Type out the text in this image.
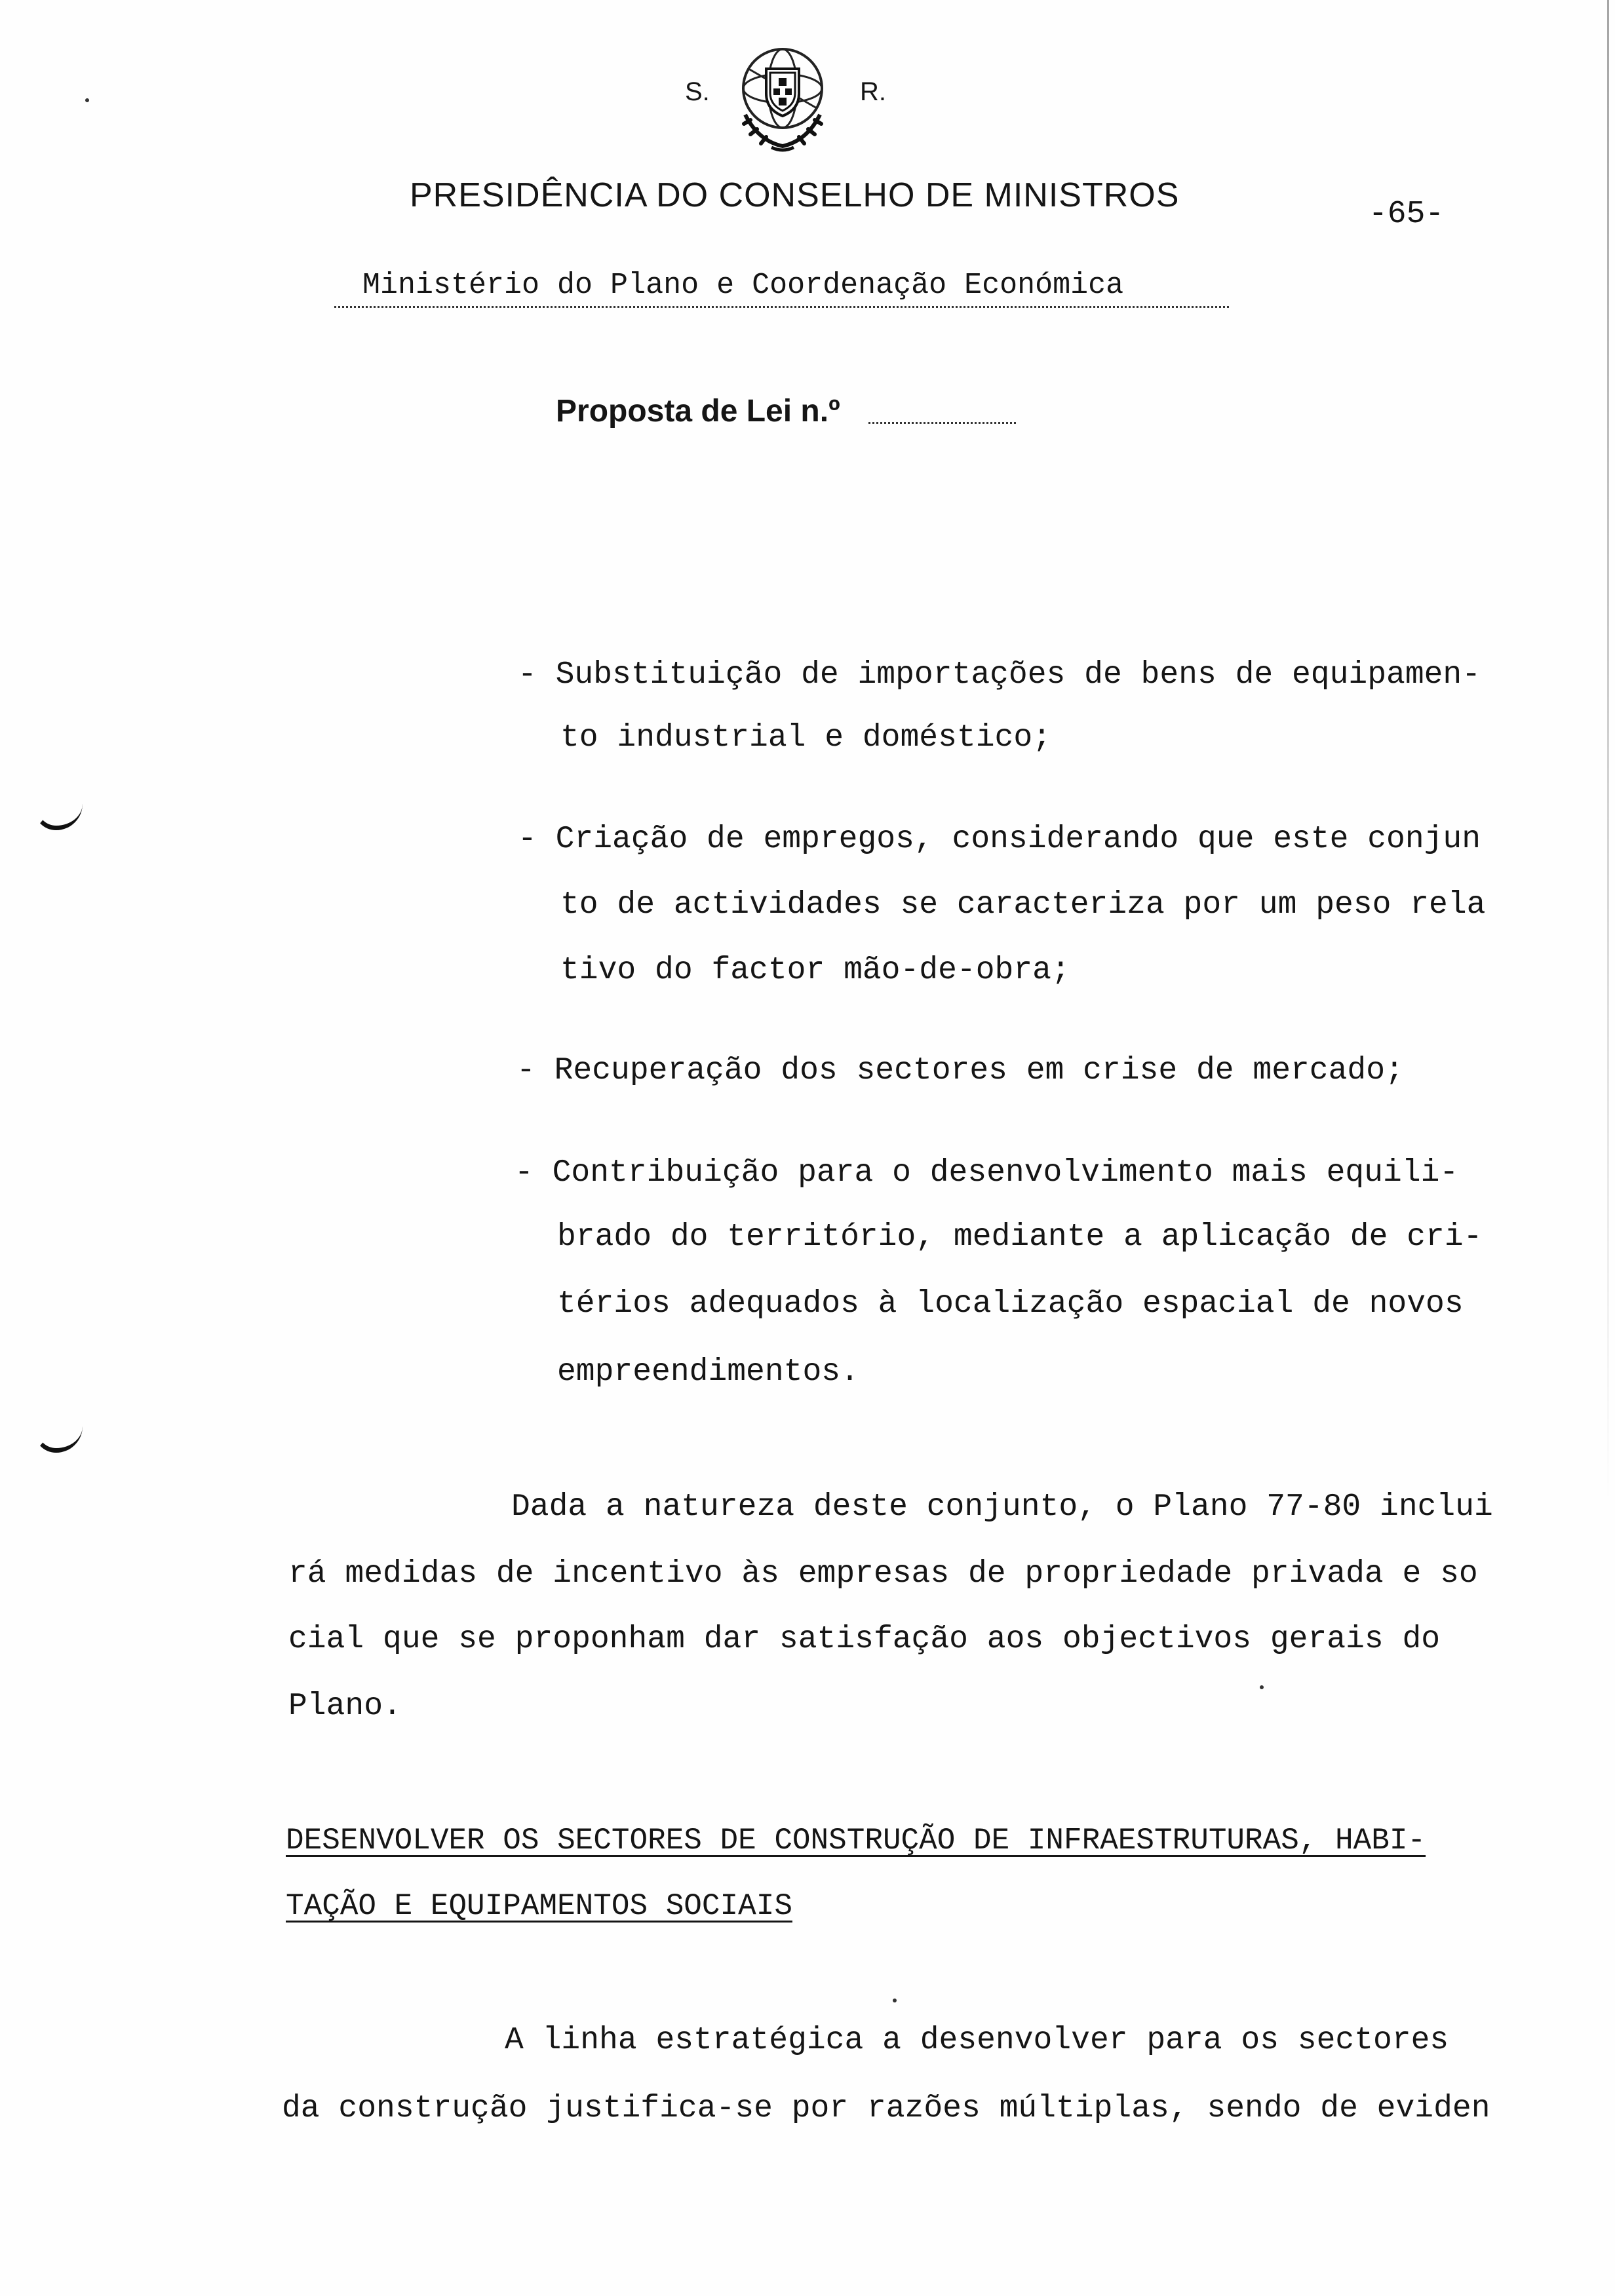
S.	R.
PRESIDÊNCIA DO CONSELHO DE MINISTROS	-65-
Ministério do Plano e Coordenação Económica
Proposta de Lei n.º
- Substituição de importações de bens de equipamen-
to industrial e doméstico;
- Criação de empregos, considerando que este conjun
to de actividades se caracteriza por um peso rela
tivo do factor mão-de-obra;
- Recuperação dos sectores em crise de mercado;
- Contribuição para o desenvolvimento mais equili-
brado do território, mediante a aplicação de cri-
térios adequados à localização espacial de novos
empreendimentos.
Dada a natureza deste conjunto, o Plano 77-80 inclui
rá medidas de incentivo às empresas de propriedade privada e so
cial que se proponham dar satisfação aos objectivos gerais do
Plano.
DESENVOLVER OS SECTORES DE CONSTRUÇÃO DE INFRAESTRUTURAS, HABI-
TAÇÃO E EQUIPAMENTOS SOCIAIS
A linha estratégica a desenvolver para os sectores
da construção justifica-se por razões múltiplas, sendo de eviden
